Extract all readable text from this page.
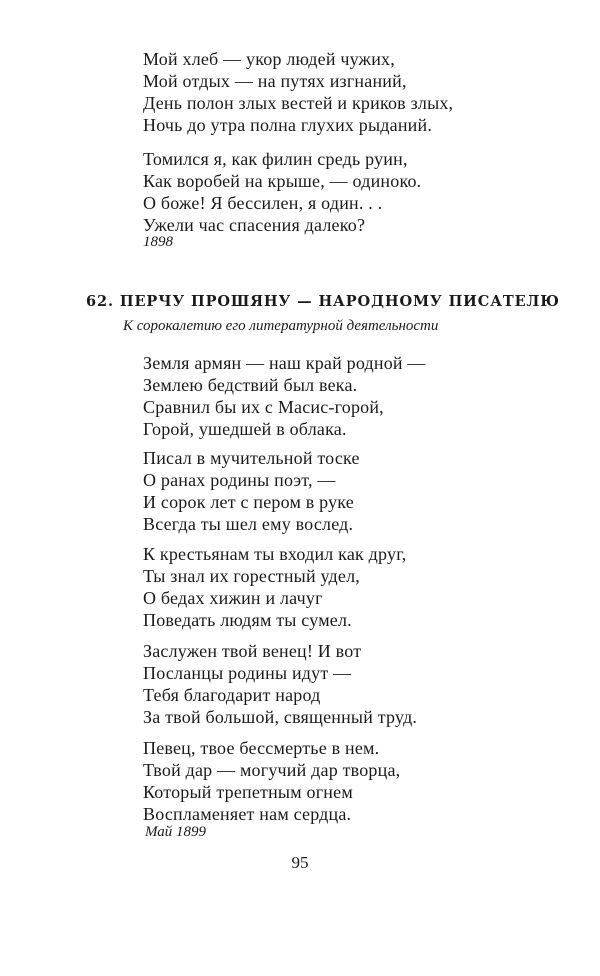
Мой хлеб — укор людей чужих,
Мой отдых — на путях изгнаний,
День полон злых вестей и криков злых,
Ночь до утра полна глухих рыданий.
Томился я, как филин средь руин,
Как воробей на крыше, — одиноко.
О боже! Я бессилен, я один. . .
Ужели час спасения далеко?
1898
62. ПЕРЧУ ПРОШЯНУ — НАРОДНОМУ ПИСАТЕЛЮ
К сорокалетию его литературной деятельности
Земля армян — наш край родной —
Землею бедствий был века.
Сравнил бы их с Масис-горой,
Горой, ушедшей в облака.
Писал в мучительной тоске
О ранах родины поэт, —
И сорок лет с пером в руке
Всегда ты шел ему вослед.
К крестьянам ты входил как друг,
Ты знал их горестный удел,
О бедах хижин и лачуг
Поведать людям ты сумел.
Заслужен твой венец! И вот
Посланцы родины идут —
Тебя благодарит народ
За твой большой, священный труд.
Певец, твое бессмертье в нем.
Твой дар — могучий дар творца,
Который трепетным огнем
Воспламеняет нам сердца.
Май 1899
95
